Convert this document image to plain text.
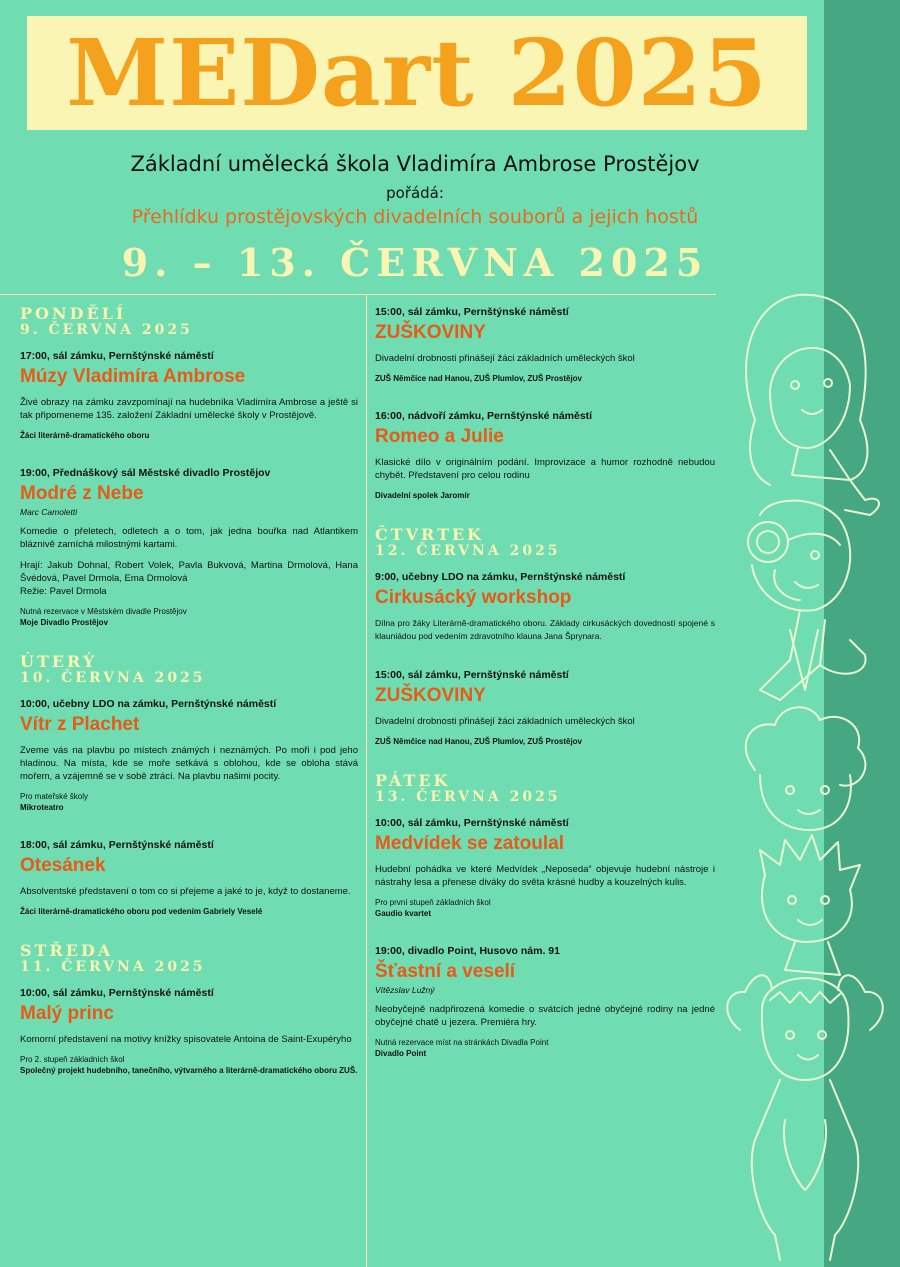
MEDart 2025
Základní umělecká škola Vladimíra Ambrose Prostějov
pořádá:
Přehlídku prostějovských divadelních souborů a jejich hostů
9. – 13. ČERVNA 2025
PONDĚLÍ
9. ČERVNA 2025
17:00, sál zámku, Pernštýnské náměstí
Múzy Vladimíra Ambrose
Živé obrazy na zámku zavzpomínají na hudebníka Vladimíra Ambrose a ještě si tak připomeneme 135. založení Základní umělecké školy v Prostějově.
Žáci literárně-dramatického oboru
19:00, Přednáškový sál Městské divadlo Prostějov
Modré z Nebe
Marc Camoletti

Komedie o přeletech, odletech a o tom, jak jedna bouřka nad Atlantikem bláznivě zamíchá milostnými kartami.

Hrají: Jakub Dohnal, Robert Volek, Pavla Bukvová, Martina Drmolová, Hana Švédová, Pavel Drmola, Ema Drmolová

Režie: Pavel Drmola

Nutná rezervace v Městském divadle Prostějov
Moje Divadlo Prostějov
ÚTERÝ
10. ČERVNA 2025
10:00, učebny LDO na zámku, Pernštýnské náměstí
Vítr z Plachet
Zveme vás na plavbu po místech známých i neznámých. Po moři i pod jeho hladinou. Na místa, kde se moře setkává s oblohou, kde se obloha stává mořem, a vzájemně se v sobě ztrácí. Na plavbu našimi pocity.
Pro mateřské školy
Mikroteatro
18:00, sál zámku, Pernštýnské náměstí
Otesánek
Absolventské představení o tom co si přejeme a jaké to je, když to dostaneme.
Žáci literárně-dramatického oboru pod vedením Gabriely Veselé
STŘEDA
11. ČERVNA 2025
10:00, sál zámku, Pernštýnské náměstí
Malý princ
Komorní představení na motivy knížky spisovatele Antoina de Saint-Exupéryho
Pro 2. stupeň základních škol
Společný projekt hudebního, tanečního, výtvarného a literárně-dramatického oboru ZUŠ.
15:00, sál zámku, Pernštýnské náměstí
ZUŠKOVINY
Divadelní drobnosti přinášejí žáci základních uměleckých škol
ZUŠ Němčice nad Hanou, ZUŠ Plumlov, ZUŠ Prostějov
16:00, nádvoří zámku, Pernštýnské náměstí
Romeo a Julie
Klasické dílo v originálním podání. Improvizace a humor rozhodně nebudou chybět. Představení pro celou rodinu
Divadelní spolek Jaromír
ČTVRTEK
12. ČERVNA 2025
9:00, učebny LDO na zámku, Pernštýnské náměstí
Cirkusácký workshop
Dílna pro žáky Literárně-dramatického oboru. Základy cirkusáckých dovedností spojené s klauniádou pod vedením zdravotního klauna Jana Šprynara.
15:00, sál zámku, Pernštýnské náměstí
ZUŠKOVINY
Divadelní drobnosti přinášejí žáci základních uměleckých škol
ZUŠ Němčice nad Hanou, ZUŠ Plumlov, ZUŠ Prostějov
PÁTEK
13. ČERVNA 2025
10:00, sál zámku, Pernštýnské náměstí
Medvídek se zatoulal
Hudební pohádka ve které Medvídek „Neposeda“ objevuje hudební nástroje i nástrahy lesa a přenese diváky do světa krásné hudby a kouzelných kulis.
Pro první stupeň základních škol
Gaudio kvartet
19:00, divadlo Point, Husovo nám. 91
Šťastní a veselí
Vítězslav Lužný
Neobyčejně nadpřirozená komedie o svátcích jedné obyčejné rodiny na jedné obyčejné chatě u jezera. Premiéra hry.
Nutná rezervace míst na stránkách Divadla Point
Divadlo Point
